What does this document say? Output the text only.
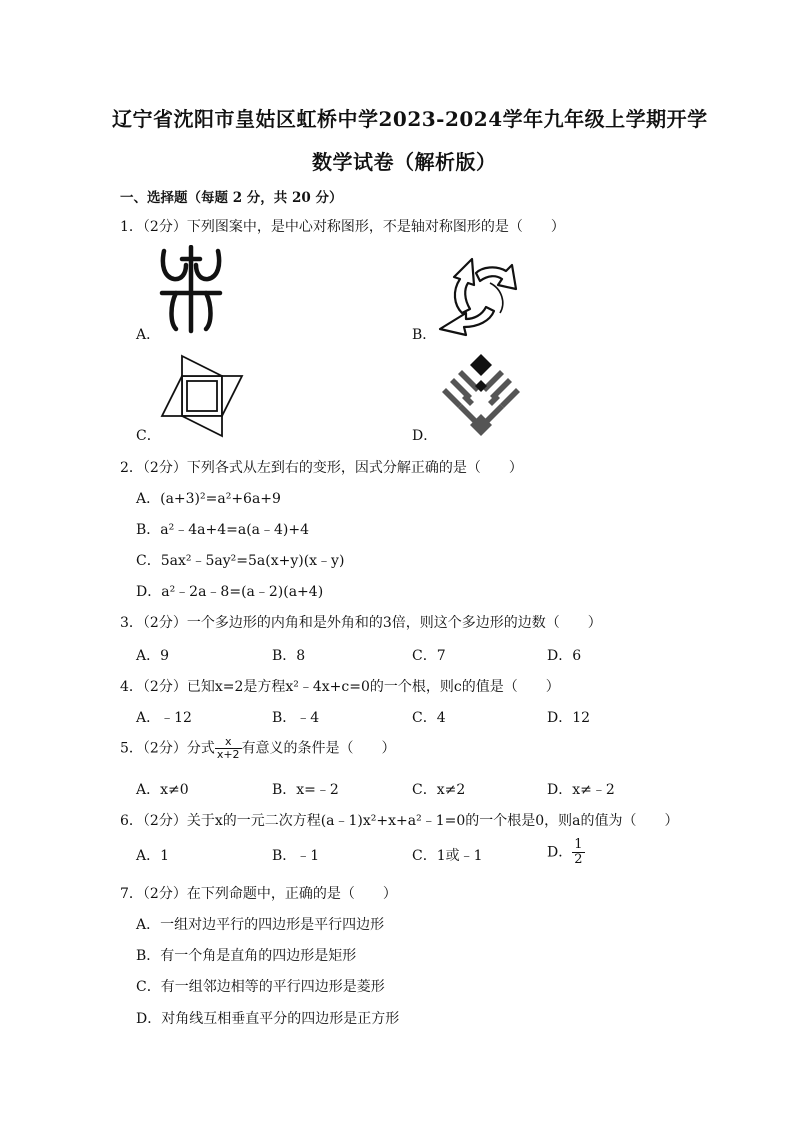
辽宁省沈阳市皇姑区虹桥中学2023-2024学年九年级上学期开学
数学试卷（解析版）
一、选择题（每题 2 分，共 20 分）
1．（2分）下列图案中，是中心对称图形，不是轴对称图形的是（　　）
A．	B．
C．	D．
2．（2分）下列各式从左到右的变形，因式分解正确的是（　　）
A．(a+3)²=a²+6a+9
B．a²﹣4a+4=a(a﹣4)+4
C．5ax²﹣5ay²=5a(x+y)(x﹣y)
D．a²﹣2a﹣8=(a﹣2)(a+4)
3．（2分）一个多边形的内角和是外角和的3倍，则这个多边形的边数（　　）
A．9	B．8	C．7	D．6
4．（2分）已知x=2是方程x²﹣4x+c=0的一个根，则c的值是（　　）
A．﹣12	B．﹣4	C．4	D．12
5．（2分）分式 $\frac{x}{x+2}$ 有意义的条件是（　　）
A．x≠0	B．x=﹣2	C．x≠2	D．x≠﹣2
6．（2分）关于x的一元二次方程(a﹣1)x²+x+a²﹣1=0的一个根是0，则a的值为（　　）
A．1	B．﹣1	C．1或﹣1	D． $\frac{1}{2}$
7．（2分）在下列命题中，正确的是（　　）
A．一组对边平行的四边形是平行四边形
B．有一个角是直角的四边形是矩形
C．有一组邻边相等的平行四边形是菱形
D．对角线互相垂直平分的四边形是正方形
